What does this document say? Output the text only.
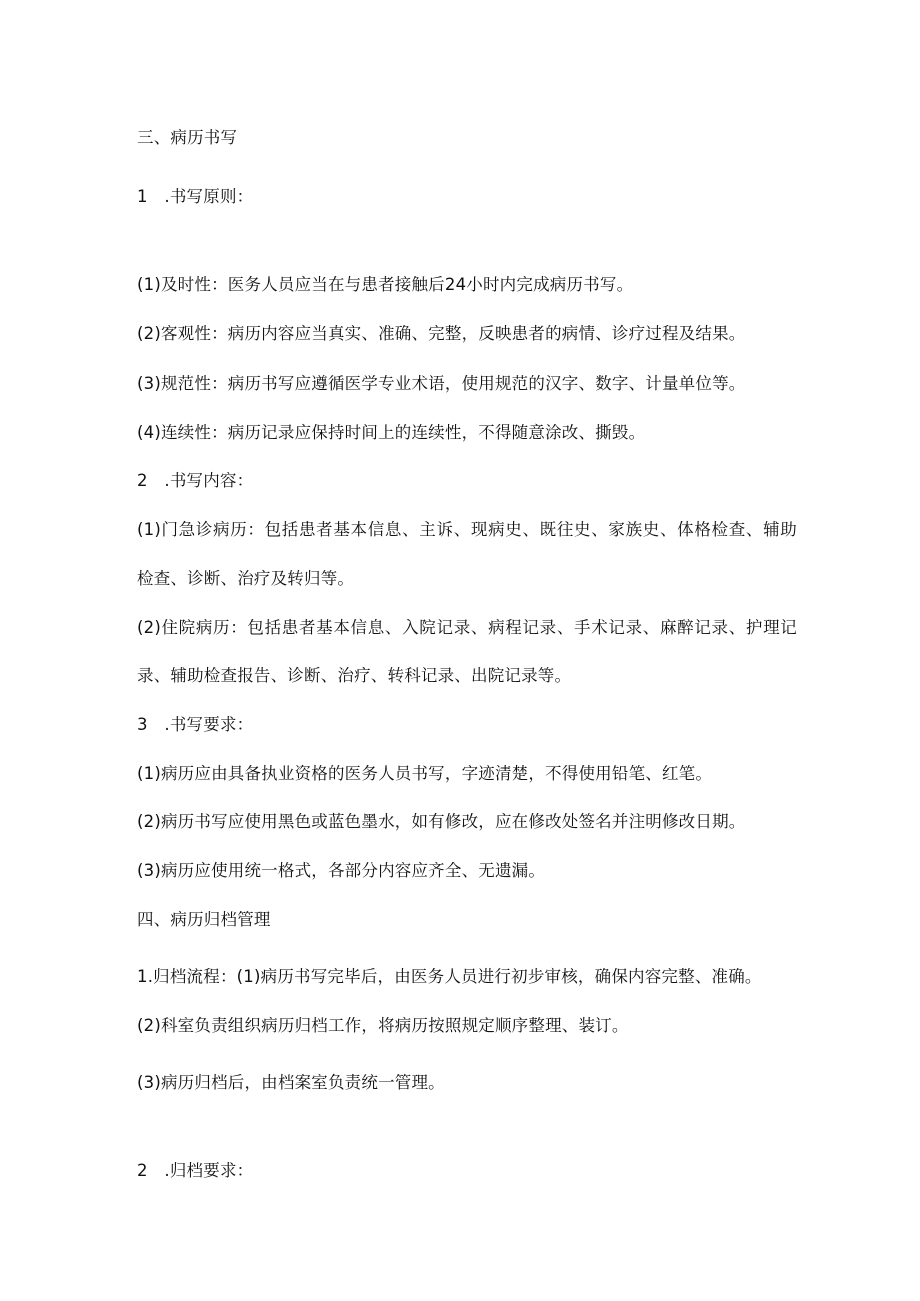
三、病历书写
1　.书写原则：
(1)及时性：医务人员应当在与患者接触后24小时内完成病历书写。
(2)客观性：病历内容应当真实、准确、完整，反映患者的病情、诊疗过程及结果。
(3)规范性：病历书写应遵循医学专业术语，使用规范的汉字、数字、计量单位等。
(4)连续性：病历记录应保持时间上的连续性，不得随意涂改、撕毁。
2　.书写内容：
(1)门急诊病历：包括患者基本信息、主诉、现病史、既往史、家族史、体格检查、辅助
检查、诊断、治疗及转归等。
(2)住院病历：包括患者基本信息、入院记录、病程记录、手术记录、麻醉记录、护理记
录、辅助检查报告、诊断、治疗、转科记录、出院记录等。
3　.书写要求：
(1)病历应由具备执业资格的医务人员书写，字迹清楚，不得使用铅笔、红笔。
(2)病历书写应使用黑色或蓝色墨水，如有修改，应在修改处签名并注明修改日期。
(3)病历应使用统一格式，各部分内容应齐全、无遗漏。
四、病历归档管理
1.归档流程：(1)病历书写完毕后，由医务人员进行初步审核，确保内容完整、准确。
(2)科室负责组织病历归档工作，将病历按照规定顺序整理、装订。
(3)病历归档后，由档案室负责统一管理。
2　.归档要求：
